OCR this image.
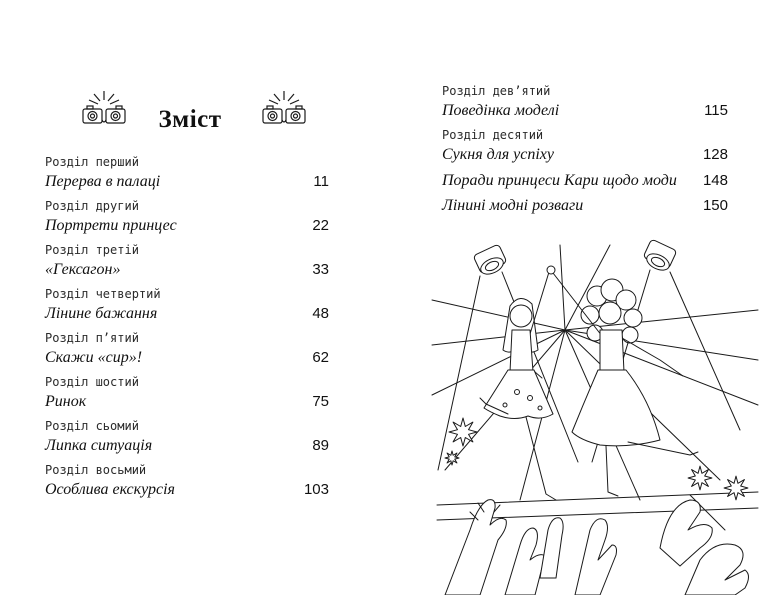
Зміст
Розділ перший
Перерва в палаці	11
Розділ другий
Портрети принцес	22
Розділ третій
«Гексагон»	33
Розділ четвертий
Лінине бажання	48
Розділ п’ятий
Скажи «сир»!	62
Розділ шостий
Ринок	75
Розділ сьомий
Липка ситуація	89
Розділ восьмий
Особлива екскурсія	103
Розділ дев’ятий
Поведінка моделі	115
Розділ десятий
Сукня для успіху	128
Поради принцеси Кари щодо моди 148
Лінині модні розваги	150
